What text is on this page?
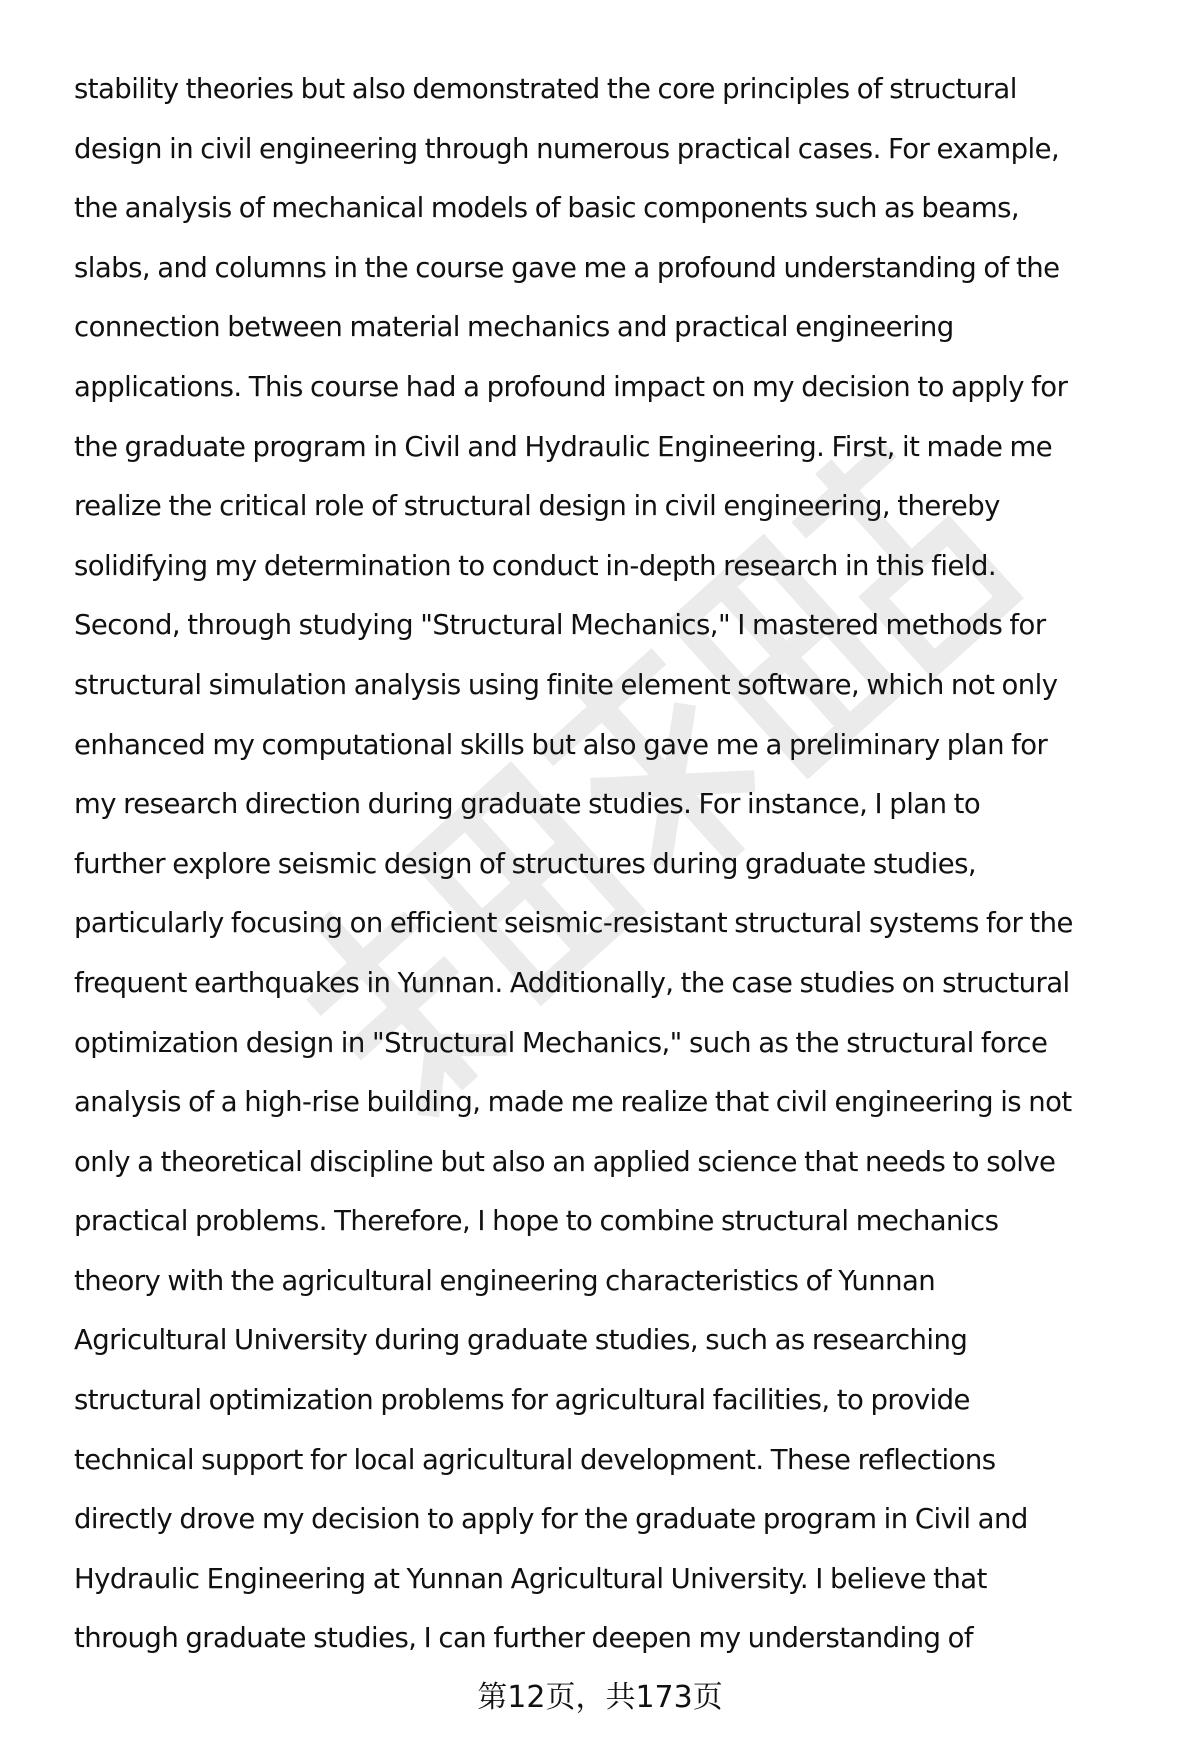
stability theories but also demonstrated the core principles of structural
design in civil engineering through numerous practical cases. For example,
the analysis of mechanical models of basic components such as beams,
slabs, and columns in the course gave me a profound understanding of the
connection between material mechanics and practical engineering
applications. This course had a profound impact on my decision to apply for
the graduate program in Civil and Hydraulic Engineering. First, it made me
realize the critical role of structural design in civil engineering, thereby
solidifying my determination to conduct in-depth research in this field.
Second, through studying "Structural Mechanics," I mastered methods for
structural simulation analysis using finite element software, which not only
enhanced my computational skills but also gave me a preliminary plan for
my research direction during graduate studies. For instance, I plan to
further explore seismic design of structures during graduate studies,
particularly focusing on efficient seismic-resistant structural systems for the
frequent earthquakes in Yunnan. Additionally, the case studies on structural
optimization design in "Structural Mechanics," such as the structural force
analysis of a high-rise building, made me realize that civil engineering is not
only a theoretical discipline but also an applied science that needs to solve
practical problems. Therefore, I hope to combine structural mechanics
theory with the agricultural engineering characteristics of Yunnan
Agricultural University during graduate studies, such as researching
structural optimization problems for agricultural facilities, to provide
technical support for local agricultural development. These reflections
directly drove my decision to apply for the graduate program in Civil and
Hydraulic Engineering at Yunnan Agricultural University. I believe that
through graduate studies, I can further deepen my understanding of
第12页，共173页
